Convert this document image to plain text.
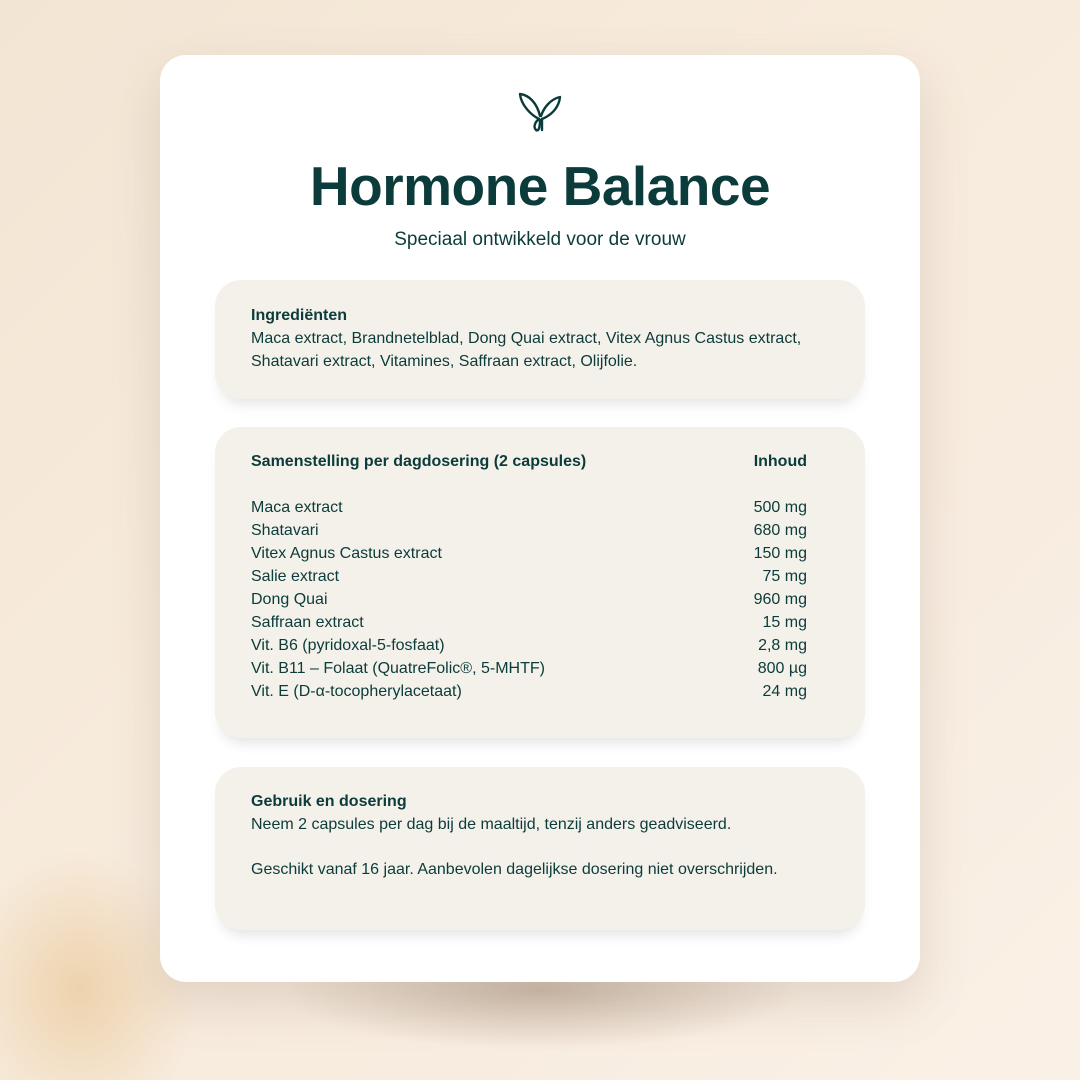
Hormone Balance
Speciaal ontwikkeld voor de vrouw
Ingrediënten
Maca extract, Brandnetelblad, Dong Quai extract, Vitex Agnus Castus extract, Shatavari extract, Vitamines, Saffraan extract, Olijfolie.
Samenstelling per dagdosering (2 capsules)	Inhoud
Maca extract	500 mg
Shatavari	680 mg
Vitex Agnus Castus extract	150 mg
Salie extract	75 mg
Dong Quai	960 mg
Saffraan extract	15 mg
Vit. B6 (pyridoxal-5-fosfaat)	2,8 mg
Vit. B11 – Folaat (QuatreFolic®, 5-MHTF)	800 µg
Vit. E (D-α-tocopherylacetaat)	24 mg
Gebruik en dosering
Neem 2 capsules per dag bij de maaltijd, tenzij anders geadviseerd.
Geschikt vanaf 16 jaar. Aanbevolen dagelijkse dosering niet overschrijden.
